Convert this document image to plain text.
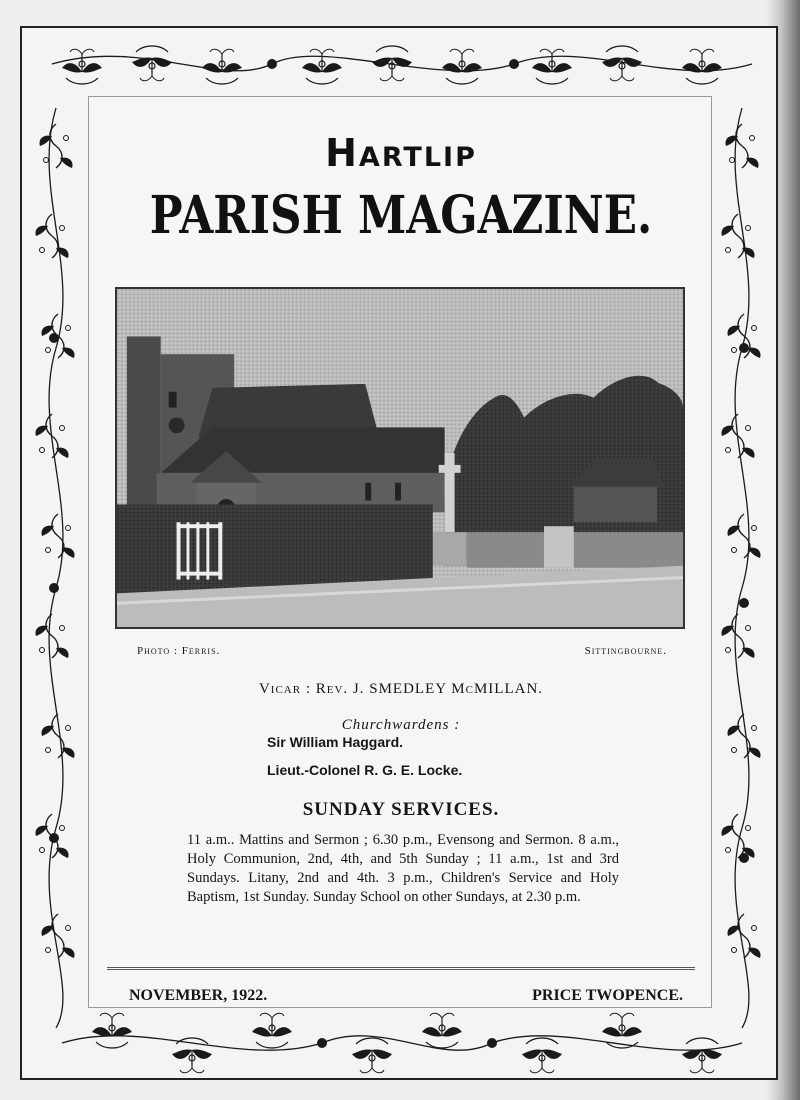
Hartlip
PARISH MAGAZINE.
Photo : Ferris.	Sittingbourne.
Vicar : Rev. J. SMEDLEY McMILLAN.
Churchwardens :
Sir William Haggard.
Lieut.-Colonel R. G. E. Locke.
SUNDAY SERVICES.
11 a.m.. Mattins and Sermon ; 6.30 p.m., Evensong and Sermon. 8 a.m., Holy Communion, 2nd, 4th, and 5th Sunday ; 11 a.m., 1st and 3rd Sundays. Litany, 2nd and 4th. 3 p.m., Children's Service and Holy Baptism, 1st Sunday. Sunday School on other Sundays, at 2.30 p.m.
NOVEMBER, 1922.	PRICE TWOPENCE.
